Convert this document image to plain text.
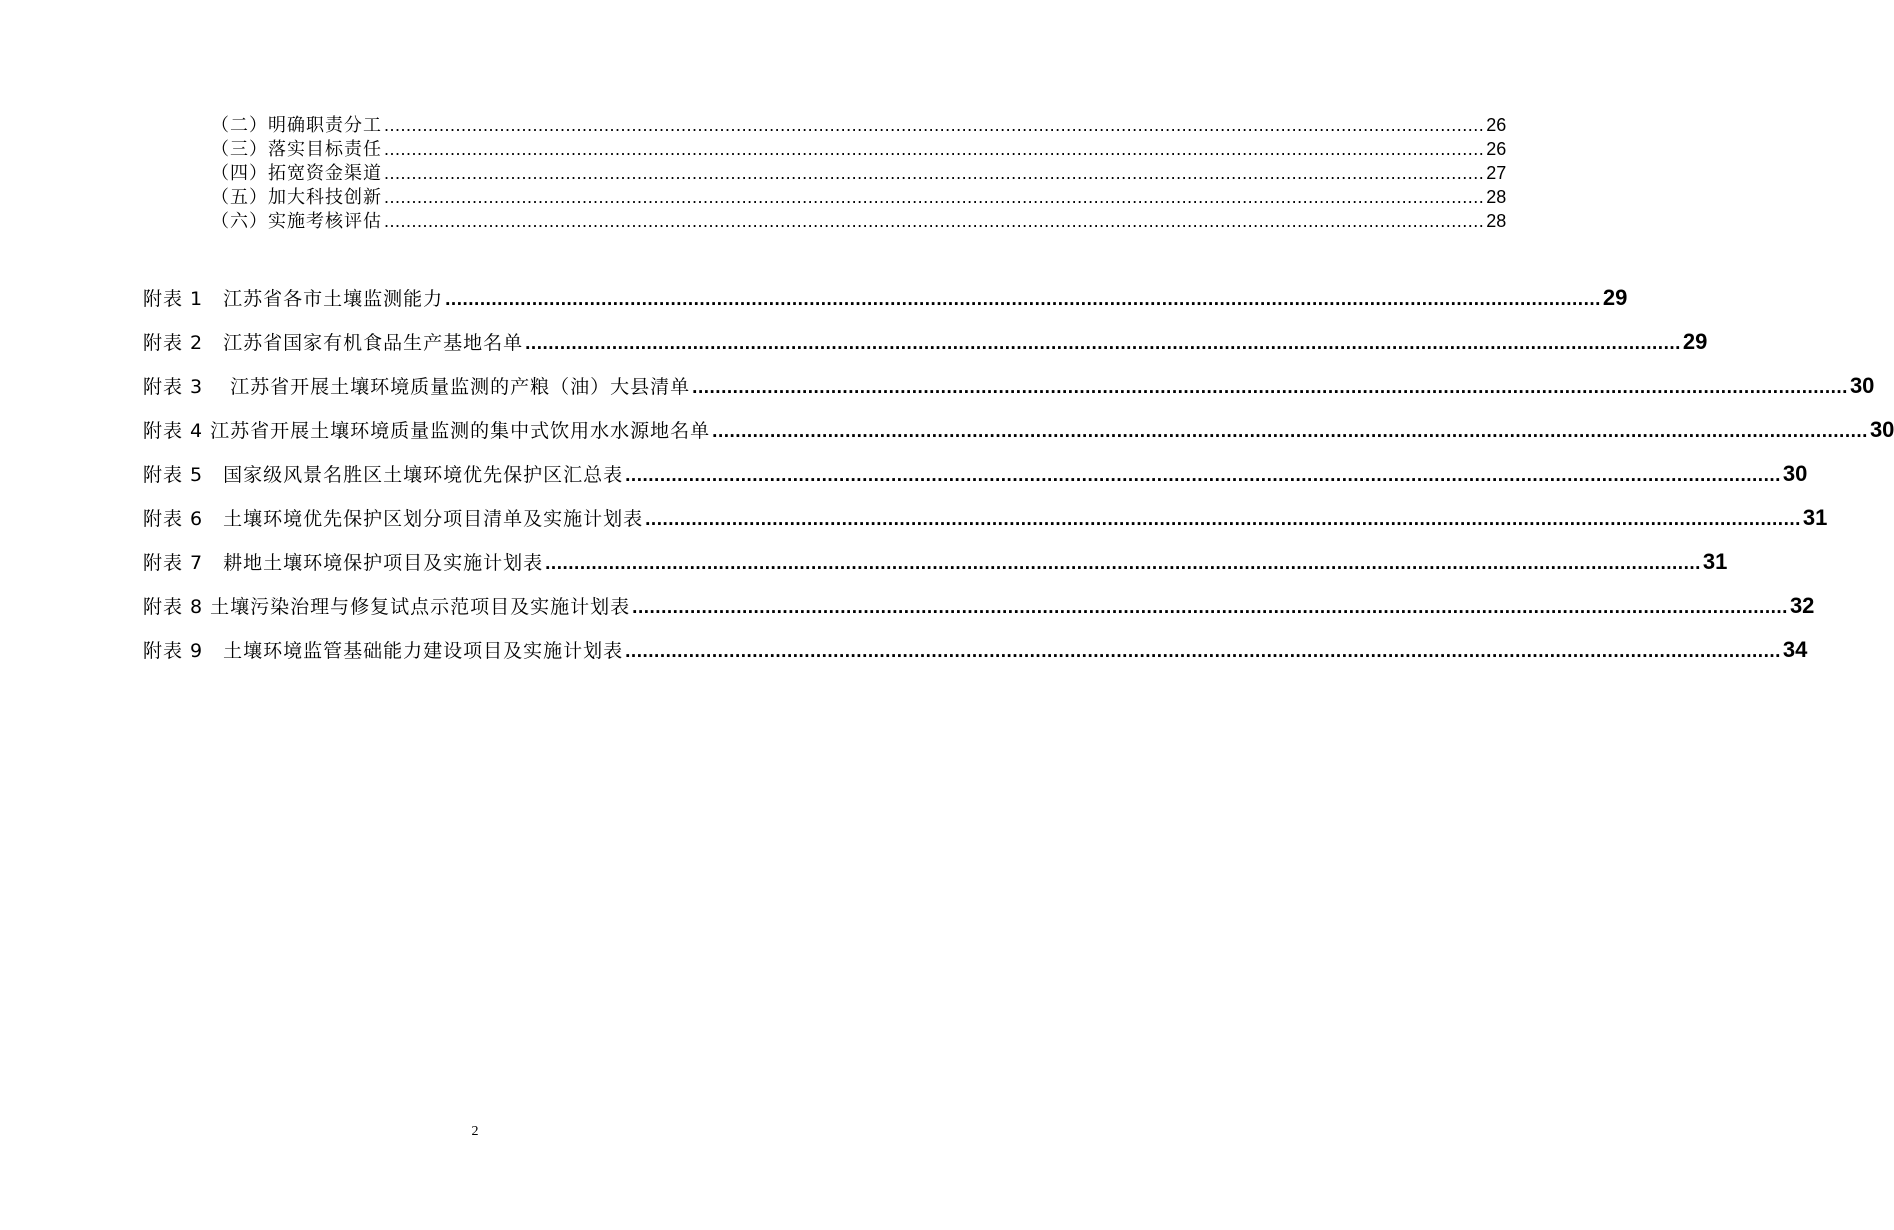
（二）明确职责分工 ........................................................................................................................................................................................................ 26
（三）落实目标责任 ........................................................................................................................................................................................................ 26
（四）拓宽资金渠道 ........................................................................................................................................................................................................ 27
（五）加大科技创新 ........................................................................................................................................................................................................ 28
（六）实施考核评估 ........................................................................................................................................................................................................ 28
附表 1　江苏省各市土壤监测能力 ........................................................................................................................................................................................................ 29
附表 2　江苏省国家有机食品生产基地名单 ........................................................................................................................................................................................................ 29
附表 3　 江苏省开展土壤环境质量监测的产粮（油）大县清单 ........................................................................................................................................................................................................ 30
附表 4 江苏省开展土壤环境质量监测的集中式饮用水水源地名单 ........................................................................................................................................................................................................ 30
附表 5　国家级风景名胜区土壤环境优先保护区汇总表 ........................................................................................................................................................................................................ 30
附表 6　土壤环境优先保护区划分项目清单及实施计划表 ........................................................................................................................................................................................................ 31
附表 7　耕地土壤环境保护项目及实施计划表 ........................................................................................................................................................................................................ 31
附表 8 土壤污染治理与修复试点示范项目及实施计划表 ........................................................................................................................................................................................................ 32
附表 9　土壤环境监管基础能力建设项目及实施计划表 ........................................................................................................................................................................................................ 34
2
